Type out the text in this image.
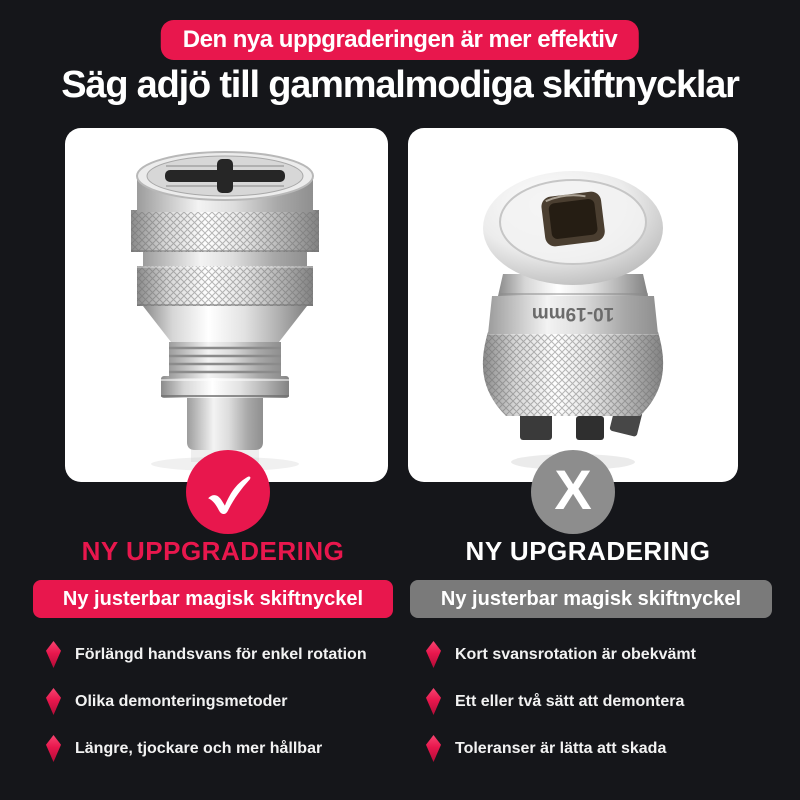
Den nya uppgraderingen är mer effektiv
Säg adjö till gammalmodiga skiftnycklar
NY UPPGRADERING
Ny justerbar magisk skiftnyckel
Förlängd handsvans för enkel rotation
Olika demonteringsmetoder
Längre, tjockare och mer hållbar
10-19mm
X
NY UPGRADERING
Ny justerbar magisk skiftnyckel
Kort svansrotation är obekvämt
Ett eller två sätt att demontera
Toleranser är lätta att skada
